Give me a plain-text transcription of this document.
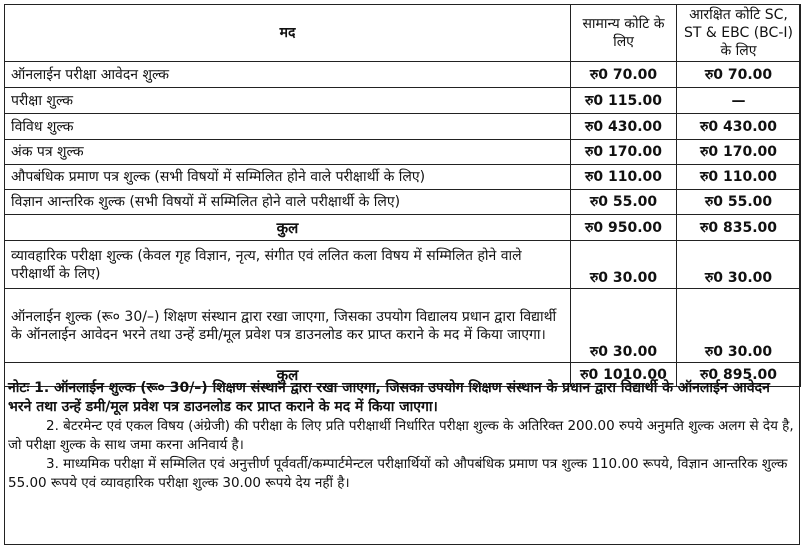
मद	सामान्य कोटि के लिए	आरक्षित कोटि SC, ST & EBC (BC-I) के लिए
ऑनलाईन परीक्षा आवेदन शुल्क	रु0 70.00	रु0 70.00
परीक्षा शुल्क	रु0 115.00	—
विविध शुल्क	रु0 430.00	रु0 430.00
अंक पत्र शुल्क	रु0 170.00	रु0 170.00
औपबंधिक प्रमाण पत्र शुल्क (सभी विषयों में सम्मिलित होने वाले परीक्षार्थी के लिए)	रु0 110.00	रु0 110.00
विज्ञान आन्तरिक शुल्क (सभी विषयों में सम्मिलित होने वाले परीक्षार्थी के लिए)	रु0 55.00	रु0 55.00
कुल	रु0 950.00	रु0 835.00
व्यावहारिक परीक्षा शुल्क (केवल गृह विज्ञान, नृत्य, संगीत एवं ललित कला विषय में सम्मिलित होने वाले परीक्षार्थी के लिए)	रु0 30.00	रु0 30.00
ऑनलाईन शुल्क (रू० 30/–) शिक्षण संस्थान द्वारा रखा जाएगा, जिसका उपयोग विद्यालय प्रधान द्वारा विद्यार्थी के ऑनलाईन आवेदन भरने तथा उन्हें डमी/मूल प्रवेश पत्र डाउनलोड कर प्राप्त कराने के मद में किया जाएगा।	रु0 30.00	रु0 30.00
कुल	रु0 1010.00	रु0 895.00

नोटः 1. ऑनलाईन शुल्क (रू० 30/–) शिक्षण संस्थान द्वारा रखा जाएगा, जिसका उपयोग शिक्षण संस्थान के प्रधान द्वारा विद्यार्थी के ऑनलाईन आवेदन भरने तथा उन्हें डमी/मूल प्रवेश पत्र डाउनलोड कर प्राप्त कराने के मद में किया जाएगा।

2. बेटरमेन्ट एवं एकल विषय (अंग्रेजी) की परीक्षा के लिए प्रति परीक्षार्थी निर्धारित परीक्षा शुल्क के अतिरिक्त 200.00 रुपये अनुमति शुल्क अलग से देय है, जो परीक्षा शुल्क के साथ जमा करना अनिवार्य है।

3. माध्यमिक परीक्षा में सम्मिलित एवं अनुत्तीर्ण पूर्ववर्ती/कम्पार्टमेन्टल परीक्षार्थियों को औपबंधिक प्रमाण पत्र शुल्क 110.00 रूपये, विज्ञान आन्तरिक शुल्क 55.00 रूपये एवं व्यावहारिक परीक्षा शुल्क 30.00 रूपये देय नहीं है।
